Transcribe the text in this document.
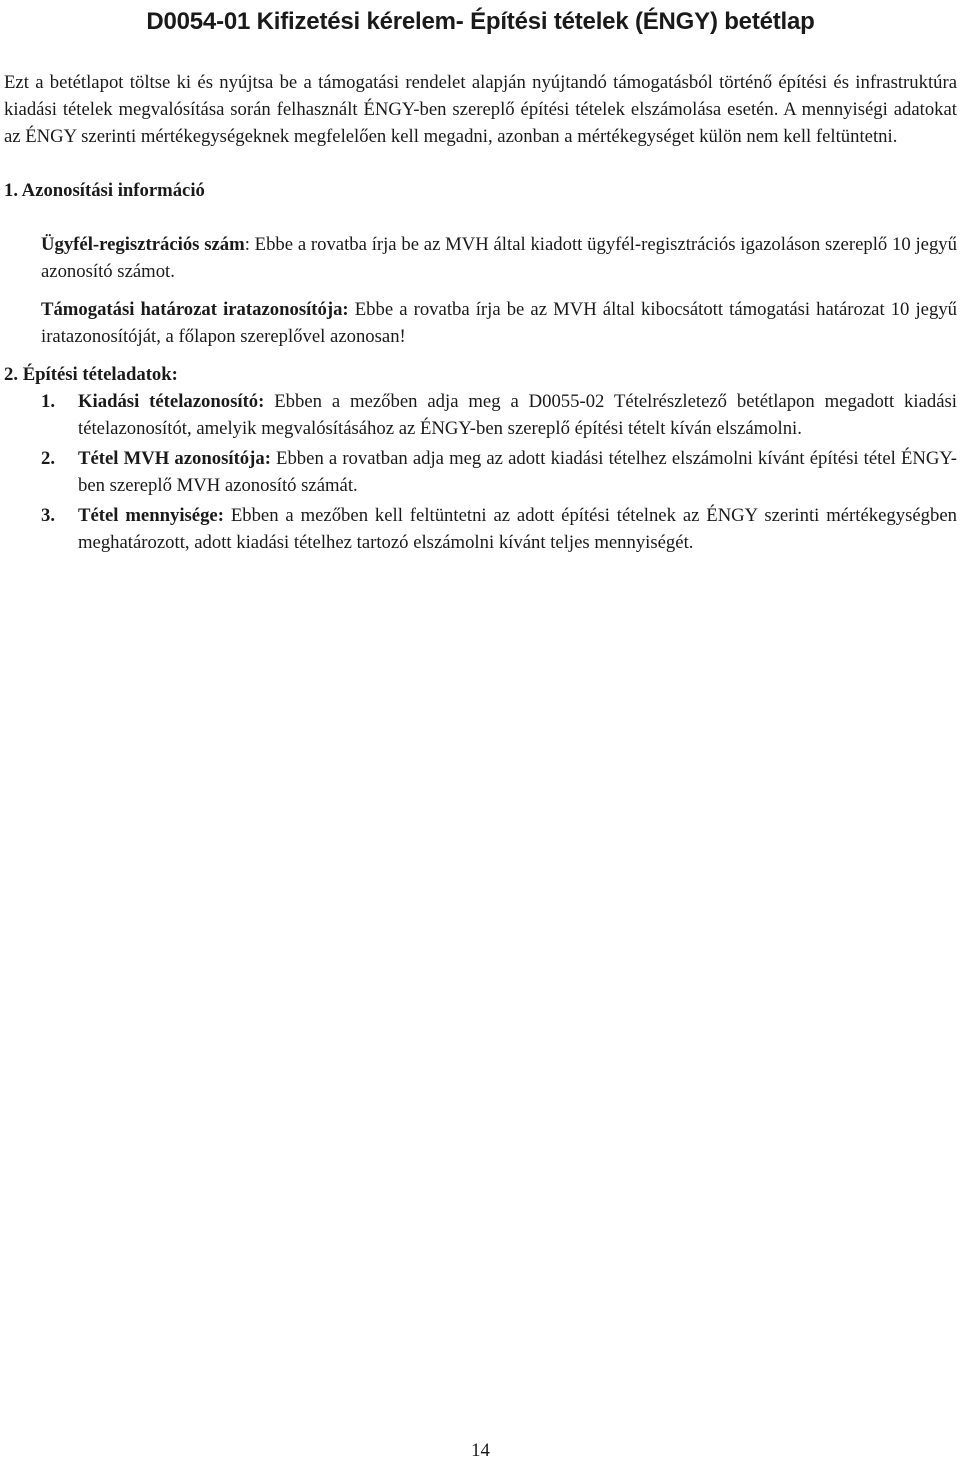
D0054-01 Kifizetési kérelem- Építési tételek (ÉNGY) betétlap

Ezt a betétlapot töltse ki és nyújtsa be a támogatási rendelet alapján nyújtandó támogatásból történő építési és infrastruktúra kiadási tételek megvalósítása során felhasznált ÉNGY-ben szereplő építési tételek elszámolása esetén. A mennyiségi adatokat az ÉNGY szerinti mértékegységeknek megfelelően kell megadni, azonban a mértékegységet külön nem kell feltüntetni.

1. Azonosítási információ

Ügyfél-regisztrációs szám: Ebbe a rovatba írja be az MVH által kiadott ügyfél-regisztrációs igazoláson szereplő 10 jegyű azonosító számot.

Támogatási határozat iratazonosítója: Ebbe a rovatba írja be az MVH által kibocsátott támogatási határozat 10 jegyű iratazonosítóját, a főlapon szereplővel azonosan!

2. Építési tételadatok:
1. Kiadási tételazonosító: Ebben a mezőben adja meg a D0055-02 Tételrészletező betétlapon megadott kiadási tételazonosítót, amelyik megvalósításához az ÉNGY-ben szereplő építési tételt kíván elszámolni.
2. Tétel MVH azonosítója: Ebben a rovatban adja meg az adott kiadási tételhez elszámolni kívánt építési tétel ÉNGY-ben szereplő MVH azonosító számát.
3. Tétel mennyisége: Ebben a mezőben kell feltüntetni az adott építési tételnek az ÉNGY szerinti mértékegységben meghatározott, adott kiadási tételhez tartozó elszámolni kívánt teljes mennyiségét.
14
